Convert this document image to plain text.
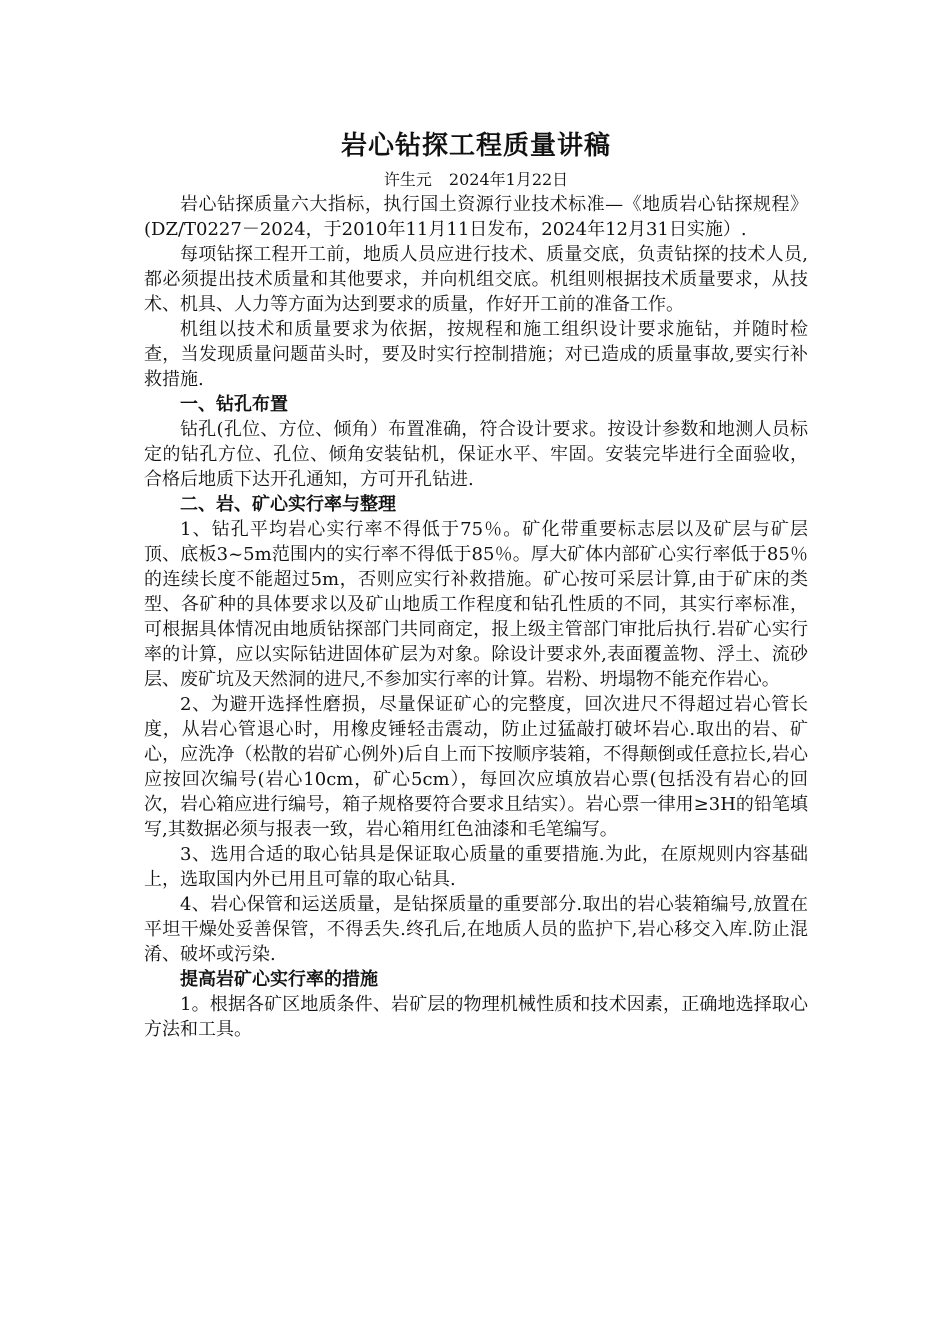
岩心钻探工程质量讲稿
许生元 2024年1月22日

岩心钻探质量六大指标，执行国土资源行业技术标准—《地质岩心钻探规程》(DZ/T0227－2024，于2010年11月11日发布，2024年12月31日实施）.

每项钻探工程开工前，地质人员应进行技术、质量交底，负责钻探的技术人员,都必须提出技术质量和其他要求，并向机组交底。机组则根据技术质量要求，从技术、机具、人力等方面为达到要求的质量，作好开工前的准备工作。

机组以技术和质量要求为依据，按规程和施工组织设计要求施钻，并随时检查，当发现质量问题苗头时，要及时实行控制措施；对已造成的质量事故,要实行补救措施.

一、钻孔布置

钻孔(孔位、方位、倾角）布置准确，符合设计要求。按设计参数和地测人员标定的钻孔方位、孔位、倾角安装钻机，保证水平、牢固。安装完毕进行全面验收，合格后地质下达开孔通知，方可开孔钻进.

二、岩、矿心实行率与整理

1、钻孔平均岩心实行率不得低于75％。矿化带重要标志层以及矿层与矿层顶、底板3~5m范围内的实行率不得低于85％。厚大矿体内部矿心实行率低于85％的连续长度不能超过5m，否则应实行补救措施。矿心按可采层计算,由于矿床的类型、各矿种的具体要求以及矿山地质工作程度和钻孔性质的不同，其实行率标准，可根据具体情况由地质钻探部门共同商定，报上级主管部门审批后执行.岩矿心实行率的计算，应以实际钻进固体矿层为对象。除设计要求外,表面覆盖物、浮土、流砂层、废矿坑及天然洞的进尺,不参加实行率的计算。岩粉、坍塌物不能充作岩心。

2、为避开选择性磨损，尽量保证矿心的完整度，回次进尺不得超过岩心管长度，从岩心管退心时，用橡皮锤轻击震动，防止过猛敲打破坏岩心.取出的岩、矿心，应洗净（松散的岩矿心例外)后自上而下按顺序装箱，不得颠倒或任意拉长,岩心应按回次编号(岩心10cm，矿心5cm），每回次应填放岩心票(包括没有岩心的回次，岩心箱应进行编号，箱子规格要符合要求且结实）。岩心票一律用≥3H的铅笔填写,其数据必须与报表一致，岩心箱用红色油漆和毛笔编写。

3、选用合适的取心钻具是保证取心质量的重要措施.为此，在原规则内容基础上，选取国内外已用且可靠的取心钻具.

4、岩心保管和运送质量，是钻探质量的重要部分.取出的岩心装箱编号,放置在平坦干燥处妥善保管，不得丢失.终孔后,在地质人员的监护下,岩心移交入库.防止混淆、破坏或污染.

提高岩矿心实行率的措施

1。根据各矿区地质条件、岩矿层的物理机械性质和技术因素，正确地选择取心方法和工具。
